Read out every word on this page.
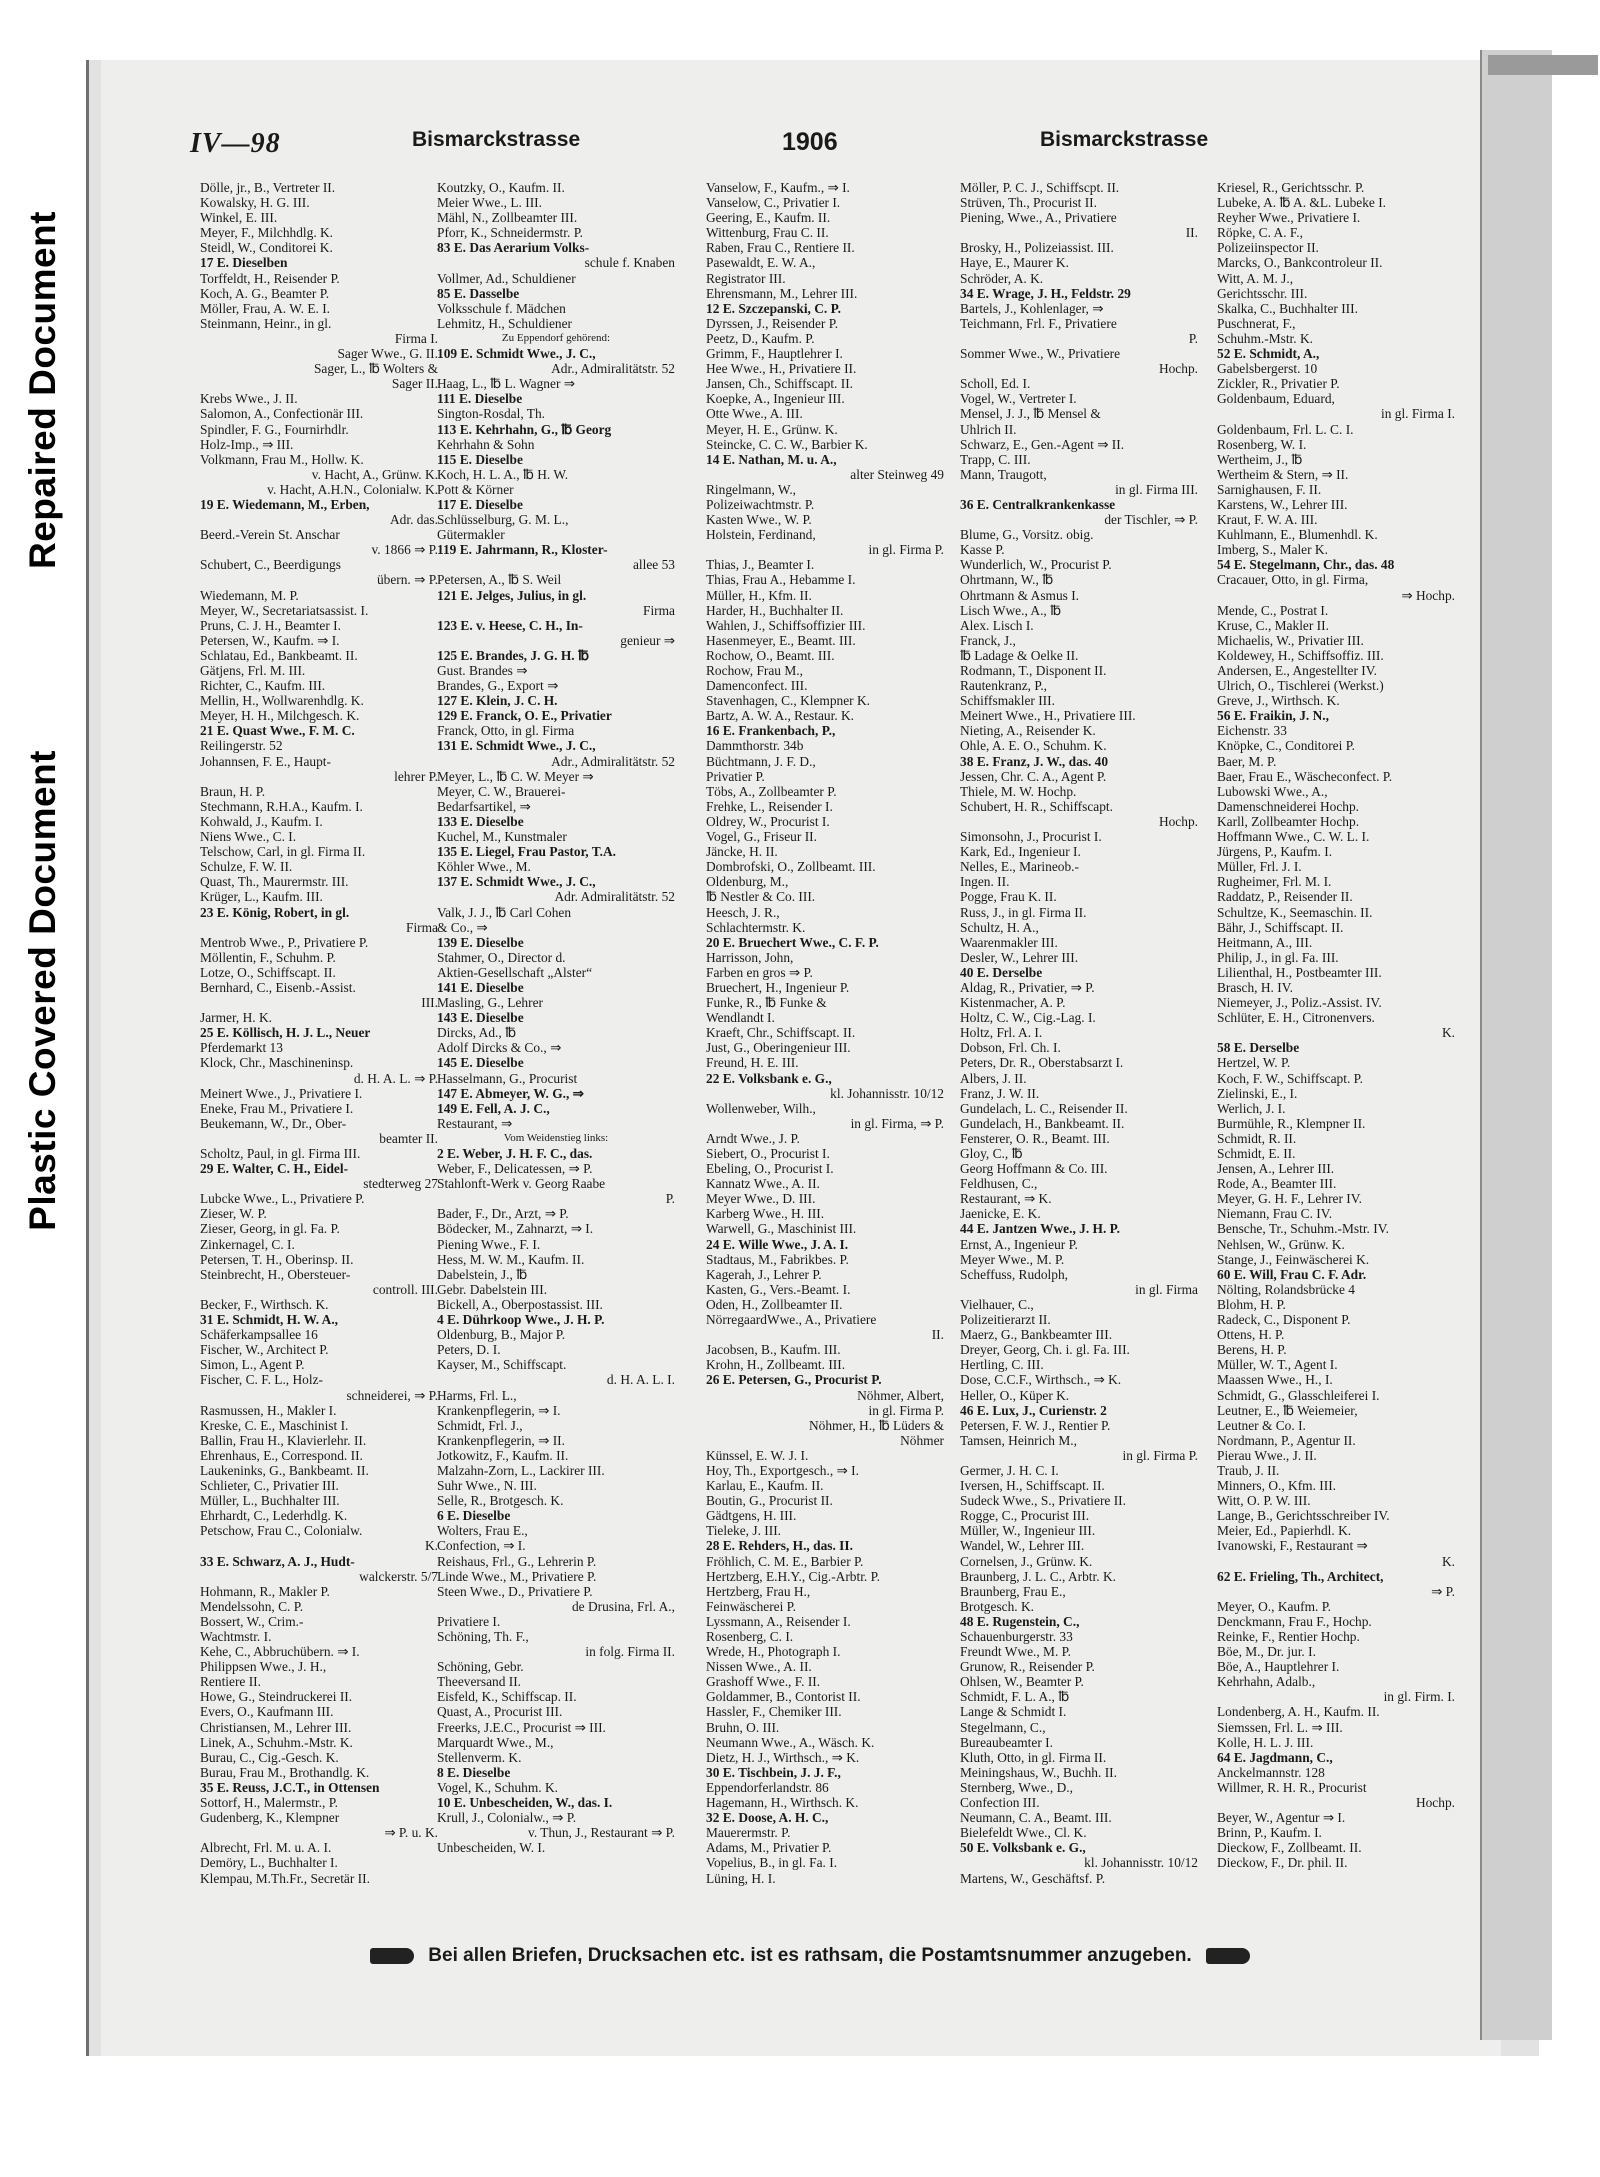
Repaired Document
Plastic Covered Document
IV—98	Bismarckstrasse	1906	Bismarckstrasse
Dölle, jr., B., Vertreter II.
Kowalsky, H. G. III.
Winkel, E. III.
Meyer, F., Milchhdlg. K.
Steidl, W., Conditorei K.
17 E. Dieselben
Torffeldt, H., Reisender P.
Koch, A. G., Beamter P.
Möller, Frau, A. W. E. I.
Steinmann, Heinr., in gl.
Firma I.
Sager Wwe., G. II.
Sager, L., ℔ Wolters &
Sager II.
Krebs Wwe., J. II.
Salomon, A., Confectionär III.
Spindler, F. G., Fournirhdlr.
Holz-Imp., ⇒ III.
Volkmann, Frau M., Hollw. K.
v. Hacht, A., Grünw. K.
v. Hacht, A.H.N., Colonialw. K.
19 E. Wiedemann, M., Erben,
Adr. das.
Beerd.-Verein St. Anschar
v. 1866 ⇒ P.
Schubert, C., Beerdigungs
übern. ⇒ P.
Wiedemann, M. P.
Meyer, W., Secretariatsassist. I.
Pruns, C. J. H., Beamter I.
Petersen, W., Kaufm. ⇒ I.
Schlatau, Ed., Bankbeamt. II.
Gätjens, Frl. M. III.
Richter, C., Kaufm. III.
Mellin, H., Wollwarenhdlg. K.
Meyer, H. H., Milchgesch. K.
21 E. Quast Wwe., F. M. C.
Reilingerstr. 52
Johannsen, F. E., Haupt-
lehrer P.
Braun, H. P.
Stechmann, R.H.A., Kaufm. I.
Kohwald, J., Kaufm. I.
Niens Wwe., C. I.
Telschow, Carl, in gl. Firma II.
Schulze, F. W. II.
Quast, Th., Maurermstr. III.
Krüger, L., Kaufm. III.
23 E. König, Robert, in gl.
Firma
Mentrob Wwe., P., Privatiere P.
Möllentin, F., Schuhm. P.
Lotze, O., Schiffscapt. II.
Bernhard, C., Eisenb.-Assist.
III.
Jarmer, H. K.
25 E. Köllisch, H. J. L., Neuer
Pferdemarkt 13
Klock, Chr., Maschineninsp.
d. H. A. L. ⇒ P.
Meinert Wwe., J., Privatiere I.
Eneke, Frau M., Privatiere I.
Beukemann, W., Dr., Ober-
beamter II.
Scholtz, Paul, in gl. Firma III.
29 E. Walter, C. H., Eidel-
stedterweg 27
Lubcke Wwe., L., Privatiere P.
Zieser, W. P.
Zieser, Georg, in gl. Fa. P.
Zinkernagel, C. I.
Petersen, T. H., Oberinsp. II.
Steinbrecht, H., Obersteuer-
controll. III.
Becker, F., Wirthsch. K.
31 E. Schmidt, H. W. A.,
Schäferkampsallee 16
Fischer, W., Architect P.
Simon, L., Agent P.
Fischer, C. F. L., Holz-
schneiderei, ⇒ P.
Rasmussen, H., Makler I.
Kreske, C. E., Maschinist I.
Ballin, Frau H., Klavierlehr. II.
Ehrenhaus, E., Correspond. II.
Laukeninks, G., Bankbeamt. II.
Schlieter, C., Privatier III.
Müller, L., Buchhalter III.
Ehrhardt, C., Lederhdlg. K.
Petschow, Frau C., Colonialw.
K.
33 E. Schwarz, A. J., Hudt-
walckerstr. 5/7
Hohmann, R., Makler P.
Mendelssohn, C. P.
Bossert, W., Crim.-
Wachtmstr. I.
Kehe, C., Abbruchübern. ⇒ I.
Philippsen Wwe., J. H.,
Rentiere II.
Howe, G., Steindruckerei II.
Evers, O., Kaufmann III.
Christiansen, M., Lehrer III.
Linek, A., Schuhm.-Mstr. K.
Burau, C., Cig.-Gesch. K.
Burau, Frau M., Brothandlg. K.
35 E. Reuss, J.C.T., in Ottensen
Sottorf, H., Malermstr., P.
Gudenberg, K., Klempner
⇒ P. u. K.
Albrecht, Frl. M. u. A. I.
Demöry, L., Buchhalter I.
Klempau, M.Th.Fr., Secretär II.
Koutzky, O., Kaufm. II.
Meier Wwe., L. III.
Mähl, N., Zollbeamter III.
Pforr, K., Schneidermstr. P.
83 E. Das Aerarium Volks-
schule f. Knaben
Vollmer, Ad., Schuldiener
85 E. Dasselbe
Volksschule f. Mädchen
Lehmitz, H., Schuldiener
Zu Eppendorf gehörend:
109 E. Schmidt Wwe., J. C.,
Adr., Admiralitätstr. 52
Haag, L., ℔ L. Wagner ⇒
111 E. Dieselbe
Sington-Rosdal, Th.
113 E. Kehrhahn, G., ℔ Georg
Kehrhahn & Sohn
115 E. Dieselbe
Koch, H. L. A., ℔ H. W.
Pott & Körner
117 E. Dieselbe
Schlüsselburg, G. M. L.,
Gütermakler
119 E. Jahrmann, R., Kloster-
allee 53
Petersen, A., ℔ S. Weil
121 E. Jelges, Julius, in gl.
Firma
123 E. v. Heese, C. H., In-
genieur ⇒
125 E. Brandes, J. G. H. ℔
Gust. Brandes ⇒
Brandes, G., Export ⇒
127 E. Klein, J. C. H.
129 E. Franck, O. E., Privatier
Franck, Otto, in gl. Firma
131 E. Schmidt Wwe., J. C.,
Adr., Admiralitätstr. 52
Meyer, L., ℔ C. W. Meyer ⇒
Meyer, C. W., Brauerei-
Bedarfsartikel, ⇒
133 E. Dieselbe
Kuchel, M., Kunstmaler
135 E. Liegel, Frau Pastor, T.A.
Köhler Wwe., M.
137 E. Schmidt Wwe., J. C.,
Adr. Admiralitätstr. 52
Valk, J. J., ℔ Carl Cohen
& Co., ⇒
139 E. Dieselbe
Stahmer, O., Director d.
Aktien-Gesellschaft „Alster“
141 E. Dieselbe
Masling, G., Lehrer
143 E. Dieselbe
Dircks, Ad., ℔
Adolf Dircks & Co., ⇒
145 E. Dieselbe
Hasselmann, G., Procurist
147 E. Abmeyer, W. G., ⇒
149 E. Fell, A. J. C.,
Restaurant, ⇒
Vom Weidenstieg links:
2 E. Weber, J. H. F. C., das.
Weber, F., Delicatessen, ⇒ P.
Stahlonft-Werk v. Georg Raabe
P.
Bader, F., Dr., Arzt, ⇒ P.
Bödecker, M., Zahnarzt, ⇒ I.
Piening Wwe., F. I.
Hess, M. W. M., Kaufm. II.
Dabelstein, J., ℔
Gebr. Dabelstein III.
Bickell, A., Oberpostassist. III.
4 E. Dührkoop Wwe., J. H. P.
Oldenburg, B., Major P.
Peters, D. I.
Kayser, M., Schiffscapt.
d. H. A. L. I.
Harms, Frl. L.,
Krankenpflegerin, ⇒ I.
Schmidt, Frl. J.,
Krankenpflegerin, ⇒ II.
Jotkowitz, F., Kaufm. II.
Malzahn-Zorn, L., Lackirer III.
Suhr Wwe., N. III.
Selle, R., Brotgesch. K.
6 E. Dieselbe
Wolters, Frau E.,
Confection, ⇒ I.
Reishaus, Frl., G., Lehrerin P.
Linde Wwe., M., Privatiere P.
Steen Wwe., D., Privatiere P.
de Drusina, Frl. A.,
Privatiere I.
Schöning, Th. F.,
in folg. Firma II.
Schöning, Gebr.
Theeversand II.
Eisfeld, K., Schiffscap. II.
Quast, A., Procurist III.
Freerks, J.E.C., Procurist ⇒ III.
Marquardt Wwe., M.,
Stellenverm. K.
8 E. Dieselbe
Vogel, K., Schuhm. K.
10 E. Unbescheiden, W., das. I.
Krull, J., Colonialw., ⇒ P.
v. Thun, J., Restaurant ⇒ P.
Unbescheiden, W. I.
Vanselow, F., Kaufm., ⇒ I.
Vanselow, C., Privatier I.
Geering, E., Kaufm. II.
Wittenburg, Frau C. II.
Raben, Frau C., Rentiere II.
Pasewaldt, E. W. A.,
Registrator III.
Ehrensmann, M., Lehrer III.
12 E. Szczepanski, C. P.
Dyrssen, J., Reisender P.
Peetz, D., Kaufm. P.
Grimm, F., Hauptlehrer I.
Hee Wwe., H., Privatiere II.
Jansen, Ch., Schiffscapt. II.
Koepke, A., Ingenieur III.
Otte Wwe., A. III.
Meyer, H. E., Grünw. K.
Steincke, C. C. W., Barbier K.
14 E. Nathan, M. u. A.,
alter Steinweg 49
Ringelmann, W.,
Polizeiwachtmstr. P.
Kasten Wwe., W. P.
Holstein, Ferdinand,
in gl. Firma P.
Thias, J., Beamter I.
Thias, Frau A., Hebamme I.
Müller, H., Kfm. II.
Harder, H., Buchhalter II.
Wahlen, J., Schiffsoffizier III.
Hasenmeyer, E., Beamt. III.
Rochow, O., Beamt. III.
Rochow, Frau M.,
Damenconfect. III.
Stavenhagen, C., Klempner K.
Bartz, A. W. A., Restaur. K.
16 E. Frankenbach, P.,
Dammthorstr. 34b
Büchtmann, J. F. D.,
Privatier P.
Töbs, A., Zollbeamter P.
Frehke, L., Reisender I.
Oldrey, W., Procurist I.
Vogel, G., Friseur II.
Jäncke, H. II.
Dombrofski, O., Zollbeamt. III.
Oldenburg, M.,
℔ Nestler & Co. III.
Heesch, J. R.,
Schlachtermstr. K.
20 E. Bruechert Wwe., C. F. P.
Harrisson, John,
Farben en gros ⇒ P.
Bruechert, H., Ingenieur P.
Funke, R., ℔ Funke &
Wendlandt I.
Kraeft, Chr., Schiffscapt. II.
Just, G., Oberingenieur III.
Freund, H. E. III.
22 E. Volksbank e. G.,
kl. Johannisstr. 10/12
Wollenweber, Wilh.,
in gl. Firma, ⇒ P.
Arndt Wwe., J. P.
Siebert, O., Procurist I.
Ebeling, O., Procurist I.
Kannatz Wwe., A. II.
Meyer Wwe., D. III.
Karberg Wwe., H. III.
Warwell, G., Maschinist III.
24 E. Wille Wwe., J. A. I.
Stadtaus, M., Fabrikbes. P.
Kagerah, J., Lehrer P.
Kasten, G., Vers.-Beamt. I.
Oden, H., Zollbeamter II.
NörregaardWwe., A., Privatiere
II.
Jacobsen, B., Kaufm. III.
Krohn, H., Zollbeamt. III.
26 E. Petersen, G., Procurist P.
Nöhmer, Albert,
in gl. Firma P.
Nöhmer, H., ℔ Lüders &
Nöhmer
Künssel, E. W. J. I.
Hoy, Th., Exportgesch., ⇒ I.
Karlau, E., Kaufm. II.
Boutin, G., Procurist II.
Gädtgens, H. III.
Tieleke, J. III.
28 E. Rehders, H., das. II.
Fröhlich, C. M. E., Barbier P.
Hertzberg, E.H.Y., Cig.-Arbtr. P.
Hertzberg, Frau H.,
Feinwäscherei P.
Lyssmann, A., Reisender I.
Rosenberg, C. I.
Wrede, H., Photograph I.
Nissen Wwe., A. II.
Grashoff Wwe., F. II.
Goldammer, B., Contorist II.
Hassler, F., Chemiker III.
Bruhn, O. III.
Neumann Wwe., A., Wäsch. K.
Dietz, H. J., Wirthsch., ⇒ K.
30 E. Tischbein, J. J. F.,
Eppendorferlandstr. 86
Hagemann, H., Wirthsch. K.
32 E. Doose, A. H. C.,
Mauerermstr. P.
Adams, M., Privatier P.
Vopelius, B., in gl. Fa. I.
Lüning, H. I.
Möller, P. C. J., Schiffscpt. II.
Strüven, Th., Procurist II.
Piening, Wwe., A., Privatiere
II.
Brosky, H., Polizeiassist. III.
Haye, E., Maurer K.
Schröder, A. K.
34 E. Wrage, J. H., Feldstr. 29
Bartels, J., Kohlenlager, ⇒
Teichmann, Frl. F., Privatiere
P.
Sommer Wwe., W., Privatiere
Hochp.
Scholl, Ed. I.
Vogel, W., Vertreter I.
Mensel, J. J., ℔ Mensel &
Uhlrich II.
Schwarz, E., Gen.-Agent ⇒ II.
Trapp, C. III.
Mann, Traugott,
in gl. Firma III.
36 E. Centralkrankenkasse
der Tischler, ⇒ P.
Blume, G., Vorsitz. obig.
Kasse P.
Wunderlich, W., Procurist P.
Ohrtmann, W., ℔
Ohrtmann & Asmus I.
Lisch Wwe., A., ℔
Alex. Lisch I.
Franck, J.,
℔ Ladage & Oelke II.
Rodmann, T., Disponent II.
Rautenkranz, P.,
Schiffsmakler III.
Meinert Wwe., H., Privatiere III.
Nieting, A., Reisender K.
Ohle, A. E. O., Schuhm. K.
38 E. Franz, J. W., das. 40
Jessen, Chr. C. A., Agent P.
Thiele, M. W. Hochp.
Schubert, H. R., Schiffscapt.
Hochp.
Simonsohn, J., Procurist I.
Kark, Ed., Ingenieur I.
Nelles, E., Marineob.-
Ingen. II.
Pogge, Frau K. II.
Russ, J., in gl. Firma II.
Schultz, H. A.,
Waarenmakler III.
Desler, W., Lehrer III.
40 E. Derselbe
Aldag, R., Privatier, ⇒ P.
Kistenmacher, A. P.
Holtz, C. W., Cig.-Lag. I.
Holtz, Frl. A. I.
Dobson, Frl. Ch. I.
Peters, Dr. R., Oberstabsarzt I.
Albers, J. II.
Franz, J. W. II.
Gundelach, L. C., Reisender II.
Gundelach, H., Bankbeamt. II.
Fensterer, O. R., Beamt. III.
Gloy, C., ℔
Georg Hoffmann & Co. III.
Feldhusen, C.,
Restaurant, ⇒ K.
Jaenicke, E. K.
44 E. Jantzen Wwe., J. H. P.
Ernst, A., Ingenieur P.
Meyer Wwe., M. P.
Scheffuss, Rudolph,
in gl. Firma
Vielhauer, C.,
Polizeitierarzt II.
Maerz, G., Bankbeamter III.
Dreyer, Georg, Ch. i. gl. Fa. III.
Hertling, C. III.
Dose, C.C.F., Wirthsch., ⇒ K.
Heller, O., Küper K.
46 E. Lux, J., Curienstr. 2
Petersen, F. W. J., Rentier P.
Tamsen, Heinrich M.,
in gl. Firma P.
Germer, J. H. C. I.
Iversen, H., Schiffscapt. II.
Sudeck Wwe., S., Privatiere II.
Rogge, C., Procurist III.
Müller, W., Ingenieur III.
Wandel, W., Lehrer III.
Cornelsen, J., Grünw. K.
Braunberg, J. L. C., Arbtr. K.
Braunberg, Frau E.,
Brotgesch. K.
48 E. Rugenstein, C.,
Schauenburgerstr. 33
Freundt Wwe., M. P.
Grunow, R., Reisender P.
Ohlsen, W., Beamter P.
Schmidt, F. L. A., ℔
Lange & Schmidt I.
Stegelmann, C.,
Bureaubeamter I.
Kluth, Otto, in gl. Firma II.
Meiningshaus, W., Buchh. II.
Sternberg, Wwe., D.,
Confection III.
Neumann, C. A., Beamt. III.
Bielefeldt Wwe., Cl. K.
50 E. Volksbank e. G.,
kl. Johannisstr. 10/12
Martens, W., Geschäftsf. P.
Kriesel, R., Gerichtsschr. P.
Lubeke, A. ℔ A. &L. Lubeke I.
Reyher Wwe., Privatiere I.
Röpke, C. A. F.,
Polizeiinspector II.
Marcks, O., Bankcontroleur II.
Witt, A. M. J.,
Gerichtsschr. III.
Skalka, C., Buchhalter III.
Puschnerat, F.,
Schuhm.-Mstr. K.
52 E. Schmidt, A.,
Gabelsbergerst. 10
Zickler, R., Privatier P.
Goldenbaum, Eduard,
in gl. Firma I.
Goldenbaum, Frl. L. C. I.
Rosenberg, W. I.
Wertheim, J., ℔
Wertheim & Stern, ⇒ II.
Sarnighausen, F. II.
Karstens, W., Lehrer III.
Kraut, F. W. A. III.
Kuhlmann, E., Blumenhdl. K.
Imberg, S., Maler K.
54 E. Stegelmann, Chr., das. 48
Cracauer, Otto, in gl. Firma,
⇒ Hochp.
Mende, C., Postrat I.
Kruse, C., Makler II.
Michaelis, W., Privatier III.
Koldewey, H., Schiffsoffiz. III.
Andersen, E., Angestellter IV.
Ulrich, O., Tischlerei (Werkst.)
Greve, J., Wirthsch. K.
56 E. Fraikin, J. N.,
Eichenstr. 33
Knöpke, C., Conditorei P.
Baer, M. P.
Baer, Frau E., Wäscheconfect. P.
Lubowski Wwe., A.,
Damenschneiderei Hochp.
Karll, Zollbeamter Hochp.
Hoffmann Wwe., C. W. L. I.
Jürgens, P., Kaufm. I.
Müller, Frl. J. I.
Rugheimer, Frl. M. I.
Raddatz, P., Reisender II.
Schultze, K., Seemaschin. II.
Bähr, J., Schiffscapt. II.
Heitmann, A., III.
Philip, J., in gl. Fa. III.
Lilienthal, H., Postbeamter III.
Brasch, H. IV.
Niemeyer, J., Poliz.-Assist. IV.
Schlüter, E. H., Citronenvers.
K.
58 E. Derselbe
Hertzel, W. P.
Koch, F. W., Schiffscapt. P.
Zielinski, E., I.
Werlich, J. I.
Burmühle, R., Klempner II.
Schmidt, R. II.
Schmidt, E. II.
Jensen, A., Lehrer III.
Rode, A., Beamter III.
Meyer, G. H. F., Lehrer IV.
Niemann, Frau C. IV.
Bensche, Tr., Schuhm.-Mstr. IV.
Nehlsen, W., Grünw. K.
Stange, J., Feinwäscherei K.
60 E. Will, Frau C. F. Adr.
Nölting, Rolandsbrücke 4
Blohm, H. P.
Radeck, C., Disponent P.
Ottens, H. P.
Berens, H. P.
Müller, W. T., Agent I.
Maassen Wwe., H., I.
Schmidt, G., Glasschleiferei I.
Leutner, E., ℔ Weiemeier,
Leutner & Co. I.
Nordmann, P., Agentur II.
Pierau Wwe., J. II.
Traub, J. II.
Minners, O., Kfm. III.
Witt, O. P. W. III.
Lange, B., Gerichtsschreiber IV.
Meier, Ed., Papierhdl. K.
Ivanowski, F., Restaurant ⇒
K.
62 E. Frieling, Th., Architect,
⇒ P.
Meyer, O., Kaufm. P.
Denckmann, Frau F., Hochp.
Reinke, F., Rentier Hochp.
Böe, M., Dr. jur. I.
Böe, A., Hauptlehrer I.
Kehrhahn, Adalb.,
in gl. Firm. I.
Londenberg, A. H., Kaufm. II.
Siemssen, Frl. L. ⇒ III.
Kolle, H. L. J. III.
64 E. Jagdmann, C.,
Anckelmannstr. 128
Willmer, R. H. R., Procurist
Hochp.
Beyer, W., Agentur ⇒ I.
Brinn, P., Kaufm. I.
Dieckow, F., Zollbeamt. II.
Dieckow, F., Dr. phil. II.
Bei allen Briefen, Drucksachen etc. ist es rathsam, die Postamtsnummer anzugeben.
